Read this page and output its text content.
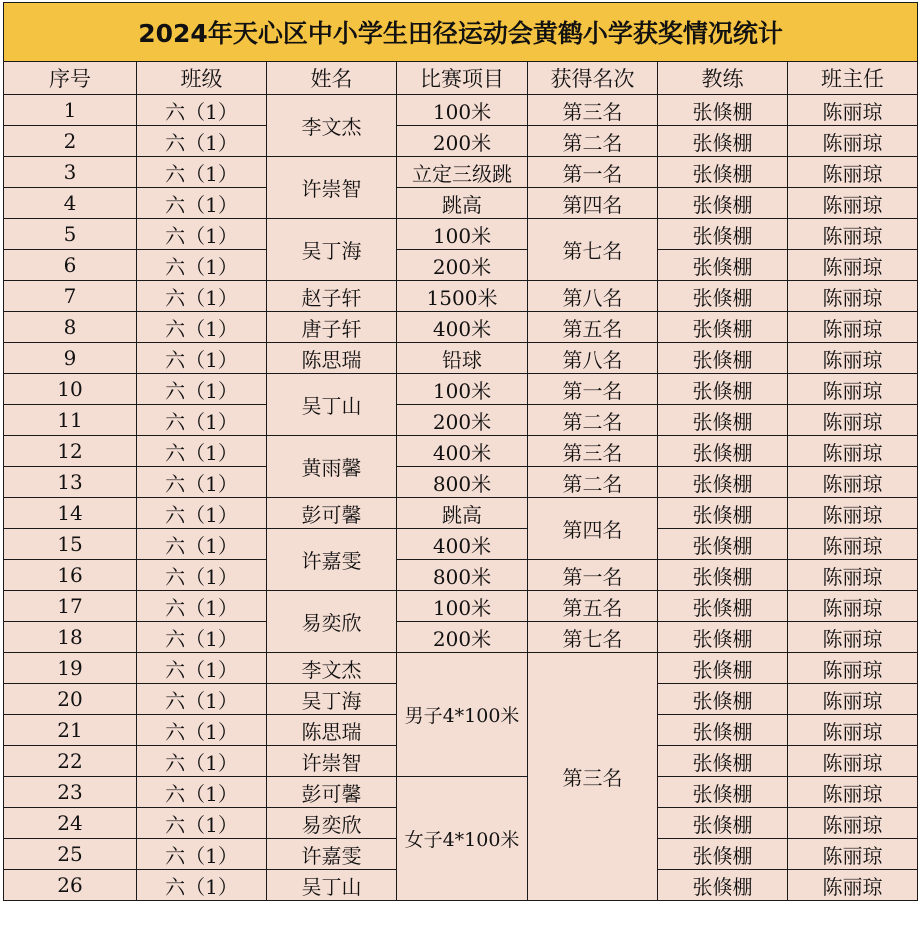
2024年天心区中小学生田径运动会黄鹤小学获奖情况统计						
序号	班级	姓名	比赛项目	获得名次	教练	班主任
1	六（1）	李文杰	100米	第三名	张倏棚	陈丽琼
2	六（1）		200米	第二名	张倏棚	陈丽琼
3	六（1）	许崇智	立定三级跳	第一名	张倏棚	陈丽琼
4	六（1）		跳高	第四名	张倏棚	陈丽琼
5	六（1）	吴丁海	100米	第七名	张倏棚	陈丽琼
6	六（1）		200米		张倏棚	陈丽琼
7	六（1）	赵子轩	1500米	第八名	张倏棚	陈丽琼
8	六（1）	唐子轩	400米	第五名	张倏棚	陈丽琼
9	六（1）	陈思瑞	铅球	第八名	张倏棚	陈丽琼
10	六（1）	吴丁山	100米	第一名	张倏棚	陈丽琼
11	六（1）		200米	第二名	张倏棚	陈丽琼
12	六（1）	黄雨馨	400米	第三名	张倏棚	陈丽琼
13	六（1）		800米	第二名	张倏棚	陈丽琼
14	六（1）	彭可馨	跳高	第四名	张倏棚	陈丽琼
15	六（1）	许嘉雯	400米		张倏棚	陈丽琼
16	六（1）		800米	第一名	张倏棚	陈丽琼
17	六（1）	易奕欣	100米	第五名	张倏棚	陈丽琼
18	六（1）		200米	第七名	张倏棚	陈丽琼
19	六（1）	李文杰	男子4*100米	第三名	张倏棚	陈丽琼
20	六（1）	吴丁海			张倏棚	陈丽琼
21	六（1）	陈思瑞			张倏棚	陈丽琼
22	六（1）	许崇智			张倏棚	陈丽琼
23	六（1）	彭可馨	女子4*100米		张倏棚	陈丽琼
24	六（1）	易奕欣			张倏棚	陈丽琼
25	六（1）	许嘉雯			张倏棚	陈丽琼
26	六（1）	吴丁山			张倏棚	陈丽琼
